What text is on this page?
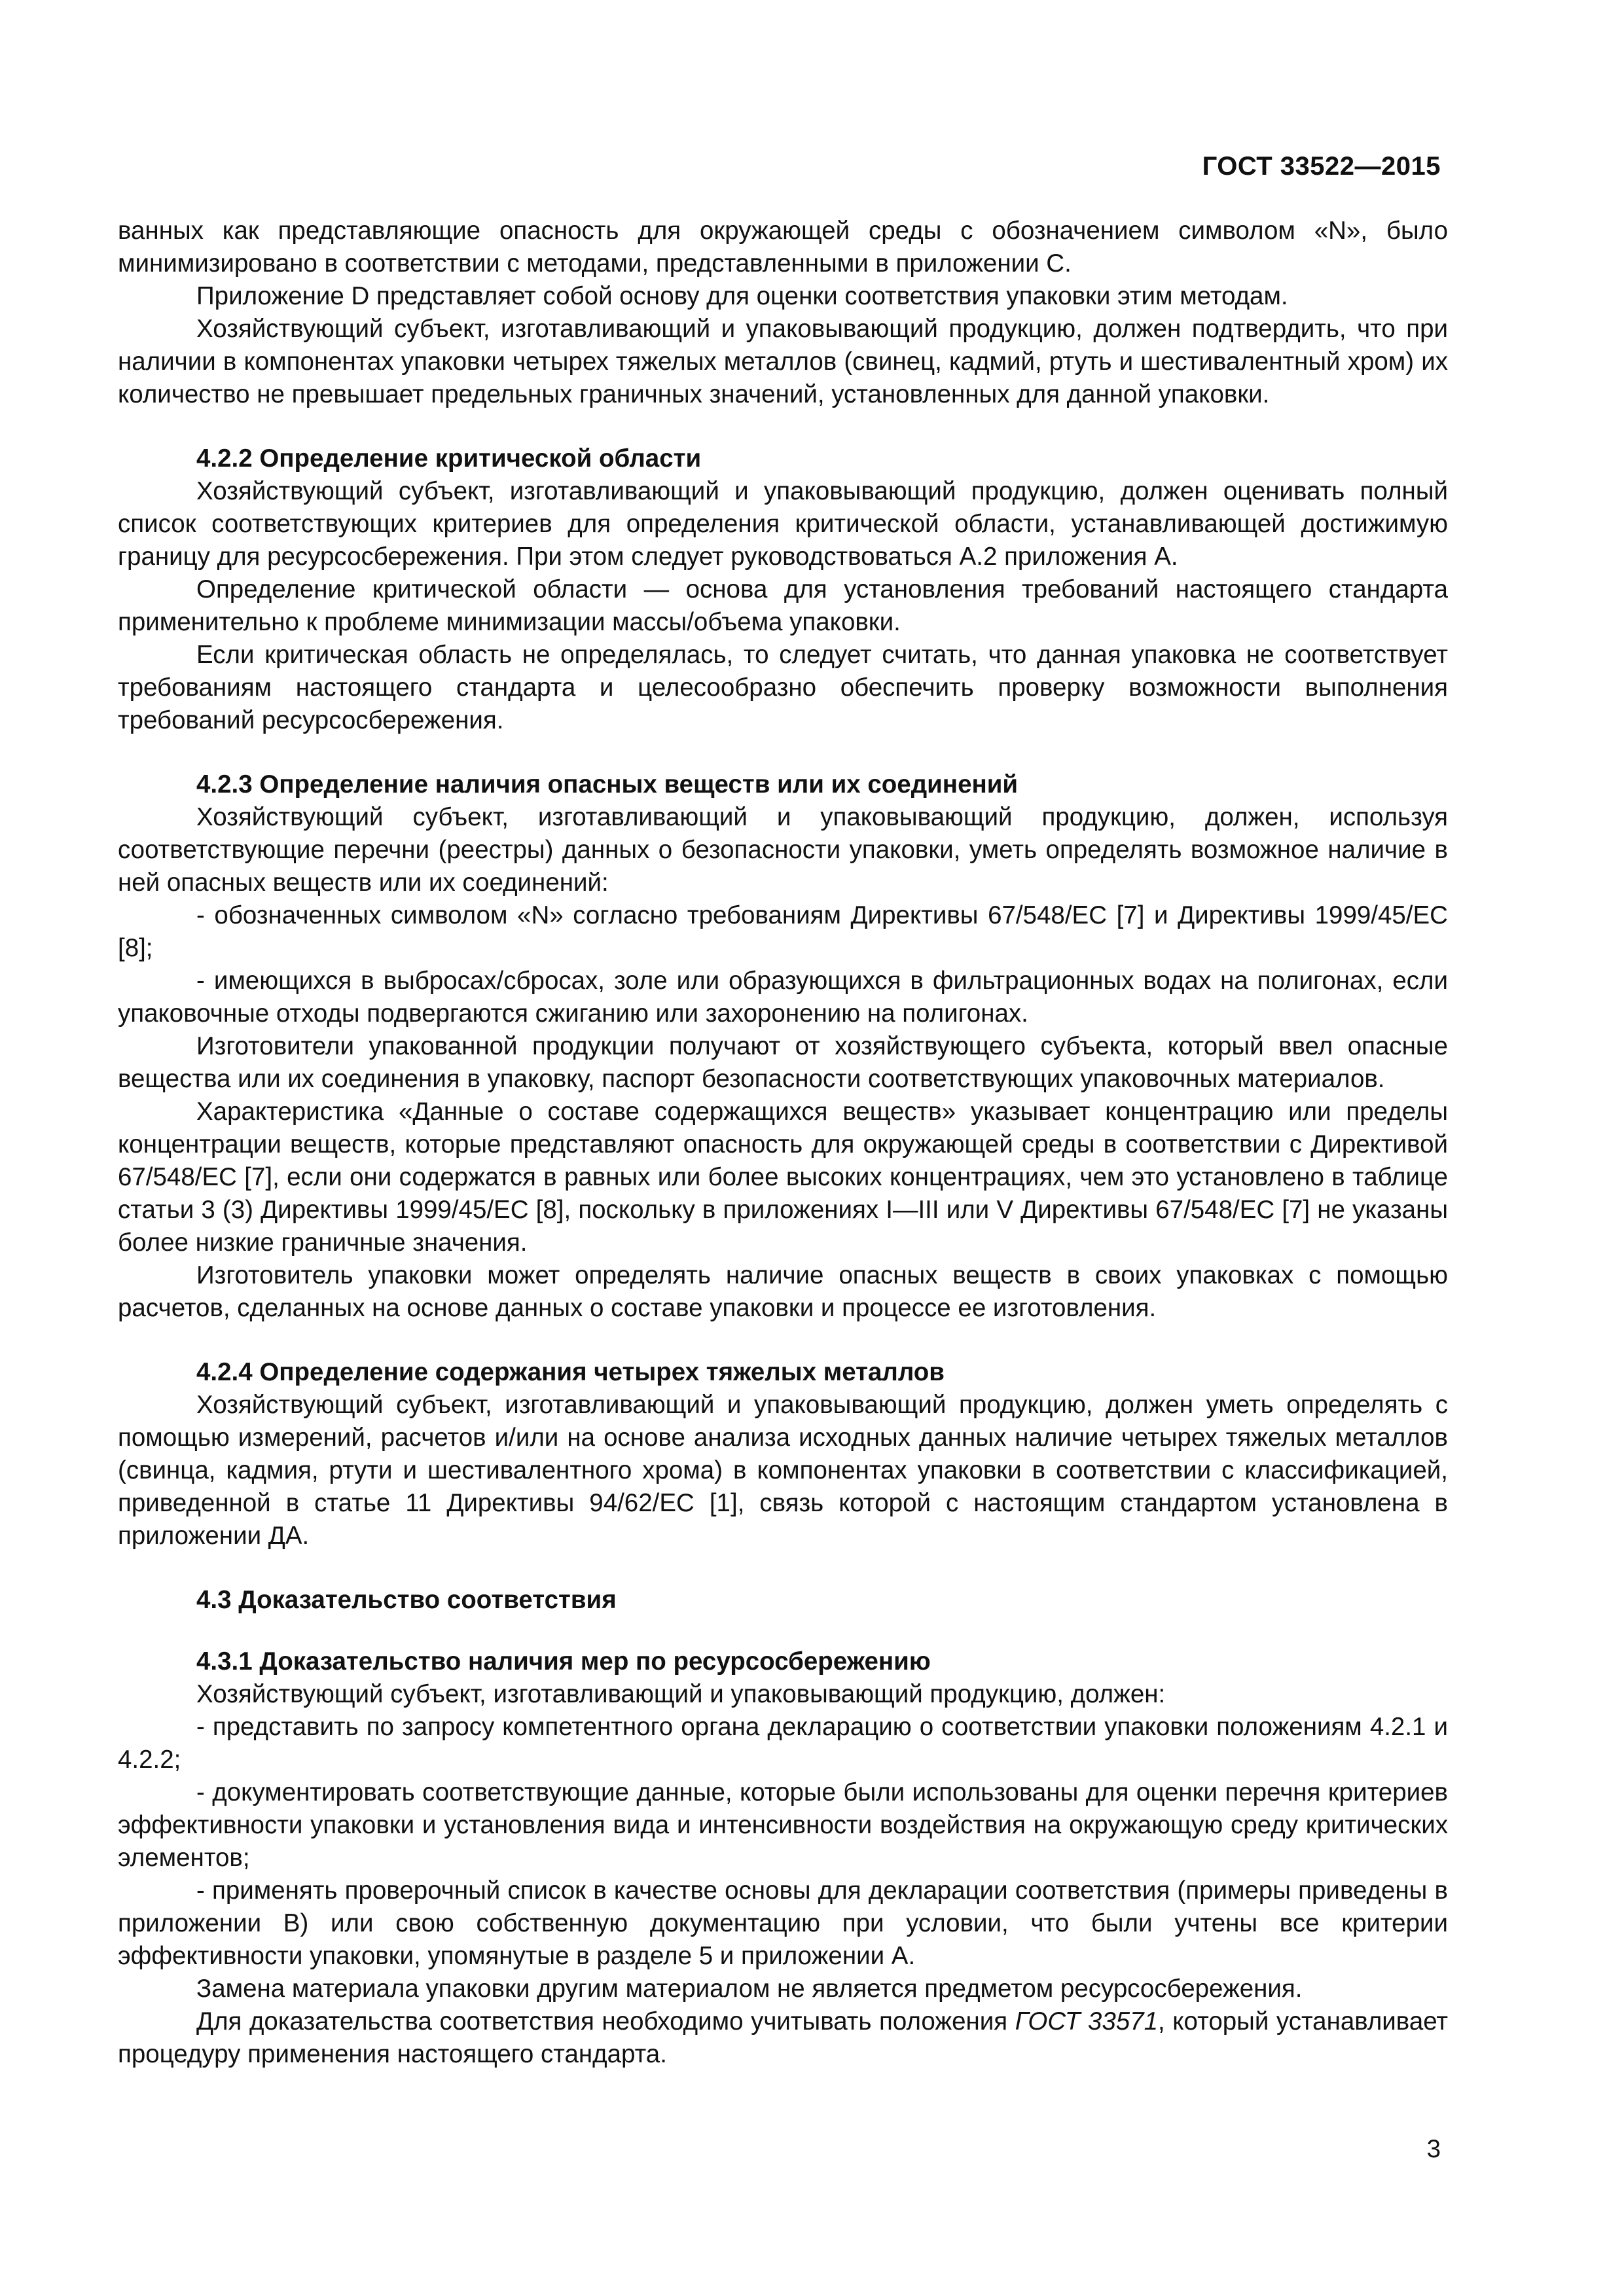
ГОСТ 33522—2015

ванных как представляющие опасность для окружающей среды с обозначением символом «N», было минимизировано в соответствии с методами, представленными в приложении С.

Приложение D представляет собой основу для оценки соответствия упаковки этим методам.

Хозяйствующий субъект, изготавливающий и упаковывающий продукцию, должен подтвердить, что при наличии в компонентах упаковки четырех тяжелых металлов (свинец, кадмий, ртуть и шестивалентный хром) их количество не превышает предельных граничных значений, установленных для данной упаковки.

4.2.2 Определение критической области

Хозяйствующий субъект, изготавливающий и упаковывающий продукцию, должен оценивать полный список соответствующих критериев для определения критической области, устанавливающей достижимую границу для ресурсосбережения. При этом следует руководствоваться А.2 приложения А.

Определение критической области — основа для установления требований настоящего стандарта применительно к проблеме минимизации массы/объема упаковки.

Если критическая область не определялась, то следует считать, что данная упаковка не соответствует требованиям настоящего стандарта и целесообразно обеспечить проверку возможности выполнения требований ресурсосбережения.

4.2.3 Определение наличия опасных веществ или их соединений

Хозяйствующий субъект, изготавливающий и упаковывающий продукцию, должен, используя соответствующие перечни (реестры) данных о безопасности упаковки, уметь определять возможное наличие в ней опасных веществ или их соединений:

- обозначенных символом «N» согласно требованиям Директивы 67/548/ЕС [7] и Директивы 1999/45/ЕС [8];

- имеющихся в выбросах/сбросах, золе или образующихся в фильтрационных водах на полигонах, если упаковочные отходы подвергаются сжиганию или захоронению на полигонах.

Изготовители упакованной продукции получают от хозяйствующего субъекта, который ввел опасные вещества или их соединения в упаковку, паспорт безопасности соответствующих упаковочных материалов.

Характеристика «Данные о составе содержащихся веществ» указывает концентрацию или пределы концентрации веществ, которые представляют опасность для окружающей среды в соответствии с Директивой 67/548/ЕС [7], если они содержатся в равных или более высоких концентрациях, чем это установлено в таблице статьи 3 (3) Директивы 1999/45/ЕС [8], поскольку в приложениях I—III или V Директивы 67/548/ЕС [7] не указаны более низкие граничные значения.

Изготовитель упаковки может определять наличие опасных веществ в своих упаковках с помощью расчетов, сделанных на основе данных о составе упаковки и процессе ее изготовления.

4.2.4 Определение содержания четырех тяжелых металлов

Хозяйствующий субъект, изготавливающий и упаковывающий продукцию, должен уметь определять с помощью измерений, расчетов и/или на основе анализа исходных данных наличие четырех тяжелых металлов (свинца, кадмия, ртути и шестивалентного хрома) в компонентах упаковки в соответствии с классификацией, приведенной в статье 11 Директивы 94/62/ЕС [1], связь которой с настоящим стандартом установлена в приложении ДА.

4.3 Доказательство соответствия
4.3.1 Доказательство наличия мер по ресурсосбережению

Хозяйствующий субъект, изготавливающий и упаковывающий продукцию, должен:

- представить по запросу компетентного органа декларацию о соответствии упаковки положениям 4.2.1 и 4.2.2;

- документировать соответствующие данные, которые были использованы для оценки перечня критериев эффективности упаковки и установления вида и интенсивности воздействия на окружающую среду критических элементов;

- применять проверочный список в качестве основы для декларации соответствия (примеры приведены в приложении В) или свою собственную документацию при условии, что были учтены все критерии эффективности упаковки, упомянутые в разделе 5 и приложении А.

Замена материала упаковки другим материалом не является предметом ресурсосбережения.

Для доказательства соответствия необходимо учитывать положения ГОСТ 33571, который устанавливает процедуру применения настоящего стандарта.

3
